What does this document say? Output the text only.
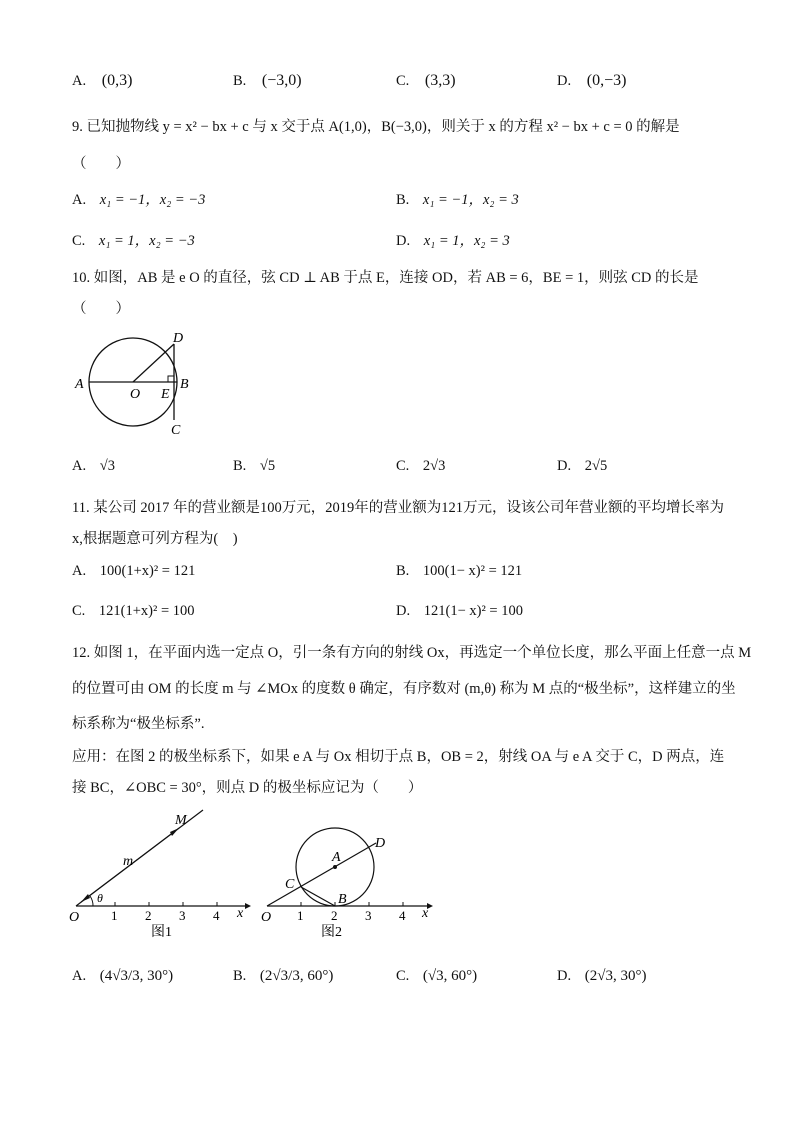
A. (0,3)	B. (−3,0)	C. (3,3)	D. (0,−3)
9. 已知抛物线 y = x² − bx + c 与 x 交于点 A(1,0)，B(−3,0)，则关于 x 的方程 x² − bx + c = 0 的解是
（　　）
A. x₁ = −1，x₂ = −3	B. x₁ = −1，x₂ = 3
C. x₁ = 1，x₂ = −3	D. x₁ = 1，x₂ = 3
10. 如图，AB 是 e O 的直径，弦 CD ⊥ AB 于点 E，连接 OD，若 AB = 6，BE = 1，则弦 CD 的长是
（　　）
A
O E
B
D
C
A. √3	B. √5	C. 2√3	D. 2√5
11. 某公司 2017 年的营业额是100万元，2019年的营业额为121万元，设该公司年营业额的平均增长率为
x,根据题意可列方程为(　)
A. 100(1+x)² = 121	B. 100(1− x)² = 121
C. 121(1+x)² = 100	D. 121(1− x)² = 100
12. 如图 1，在平面内选一定点 O，引一条有方向的射线 Ox，再选定一个单位长度，那么平面上任意一点 M
的位置可由 OM 的长度 m 与 ∠MOx 的度数 θ 确定，有序数对 (m,θ) 称为 M 点的“极坐标”，这样建立的坐
标系称为“极坐标系”.
应用：在图 2 的极坐标系下，如果 e A 与 Ox 相切于点 B，OB = 2，射线 OA 与 e A 交于 C，D 两点，连
接 BC，∠OBC = 30°，则点 D 的极坐标应记为（　　）
M
m
θ
O 1 2 3 4 x
图1
A
D
C
B
O 1 2 3 4 x
图2
A. (4√3/3, 30°)	B. (2√3/3, 60°)	C. (√3, 60°)	D. (2√3, 30°)
